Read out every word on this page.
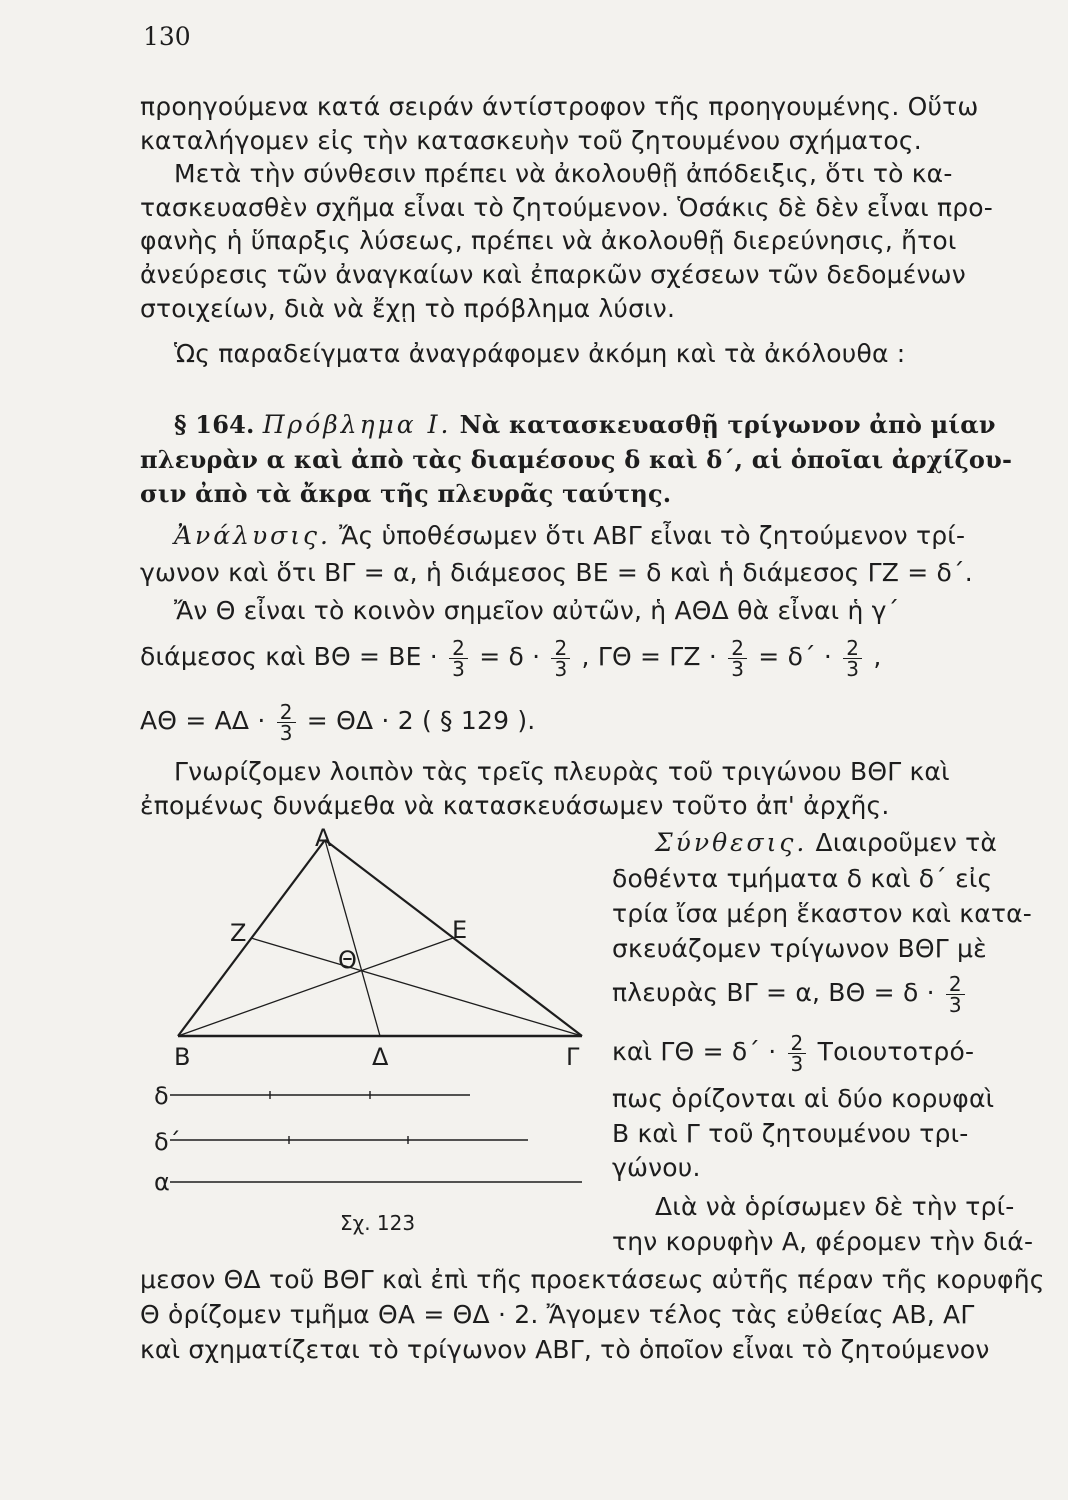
130
προηγούμενα κατά σειράν άντίστροφον τῆς προηγουμένης. Οὕτω
καταλήγομεν εἰς τὴν κατασκευὴν τοῦ ζητουμένου σχήματος.
Μετὰ τὴν σύνθεσιν πρέπει νὰ ἀκολουθῇ ἀπόδειξις, ὅτι τὸ κα-
τασκευασθὲν σχῆμα εἶναι τὸ ζητούμενον. Ὁσάκις δὲ δὲν εἶναι προ-
φανὴς ἡ ὕπαρξις λύσεως, πρέπει νὰ ἀκολουθῇ διερεύνησις, ἤτοι
ἀνεύρεσις τῶν ἀναγκαίων καὶ ἐπαρκῶν σχέσεων τῶν δεδομένων
στοιχείων, διὰ νὰ ἔχῃ τὸ πρόβλημα λύσιν.
Ὡς παραδείγματα ἀναγράφομεν ἀκόμη καὶ τὰ ἀκόλουθα :
§ 164. Πρόβλημα Ι. Νὰ κατασκευασθῇ τρίγωνον ἀπὸ μίαν
πλευρὰν α καὶ ἀπὸ τὰς διαμέσους δ καὶ δ΄, αἱ ὁποῖαι ἀρχίζου-
σιν ἀπὸ τὰ ἄκρα τῆς πλευρᾶς ταύτης.
Ἀνάλυσις. Ἄς ὑποθέσωμεν ὅτι ΑΒΓ εἶναι τὸ ζητούμενον τρί-
γωνον καὶ ὅτι ΒΓ = α, ἡ διάμεσος ΒΕ = δ καὶ ἡ διάμεσος ΓΖ = δ΄.
Ἄν Θ εἶναι τὸ κοινὸν σημεῖον αὐτῶν, ἡ ΑΘΔ θὰ εἶναι ἡ γ΄
διάμεσος καὶ $B\Theta = BE \cdot \frac{2}{3} = \delta \cdot \frac{2}{3}$ , $\Gamma\Theta = \Gamma Z \cdot \frac{2}{3} = \delta΄ \cdot \frac{2}{3}$ ,
$A\Theta = A\Delta \cdot \frac{2}{3} = \Theta\Delta \cdot 2$ ( § 129 ).
Γνωρίζομεν λοιπὸν τὰς τρεῖς πλευρὰς τοῦ τριγώνου ΒΘΓ καὶ
ἐπομένως δυνάμεθα νὰ κατασκευάσωμεν τοῦτο ἀπ' ἀρχῆς.
Σύνθεσις. Διαιροῦμεν τὰ
δοθέντα τμήματα δ καὶ δ΄ εἰς
τρία ἴσα μέρη ἕκαστον καὶ κατα-
σκευάζομεν τρίγωνον ΒΘΓ μὲ
πλευρὰς ΒΓ = α, $B\Theta = \delta \cdot \frac{2}{3}$
καὶ $\Gamma\Theta = \delta΄ \cdot \frac{2}{3} To\iota o\upsilon\tau o\tau\rho ό-$
πως ὁρίζονται αἱ δύο κορυφαὶ
Β καὶ Γ τοῦ ζητουμένου τρι-
γώνου.
Διὰ νὰ ὁρίσωμεν δὲ τὴν τρί-
την κορυφὴν Α, φέρομεν τὴν διά-
μεσον ΘΔ τοῦ ΒΘΓ καὶ ἐπὶ τῆς προεκτάσεως αὐτῆς πέραν τῆς κορυφῆς
Θ ὁρίζομεν τμῆμα ΘΑ = ΘΔ · 2. Ἄγομεν τέλος τὰς εὐθείας ΑΒ, ΑΓ
καὶ σχηματίζεται τὸ τρίγωνον ΑΒΓ, τὸ ὁποῖον εἶναι τὸ ζητούμενον
Α
Β	Γ
Δ
Ε
Ζ
Θ
δ
δ΄
α
Σχ. 123
